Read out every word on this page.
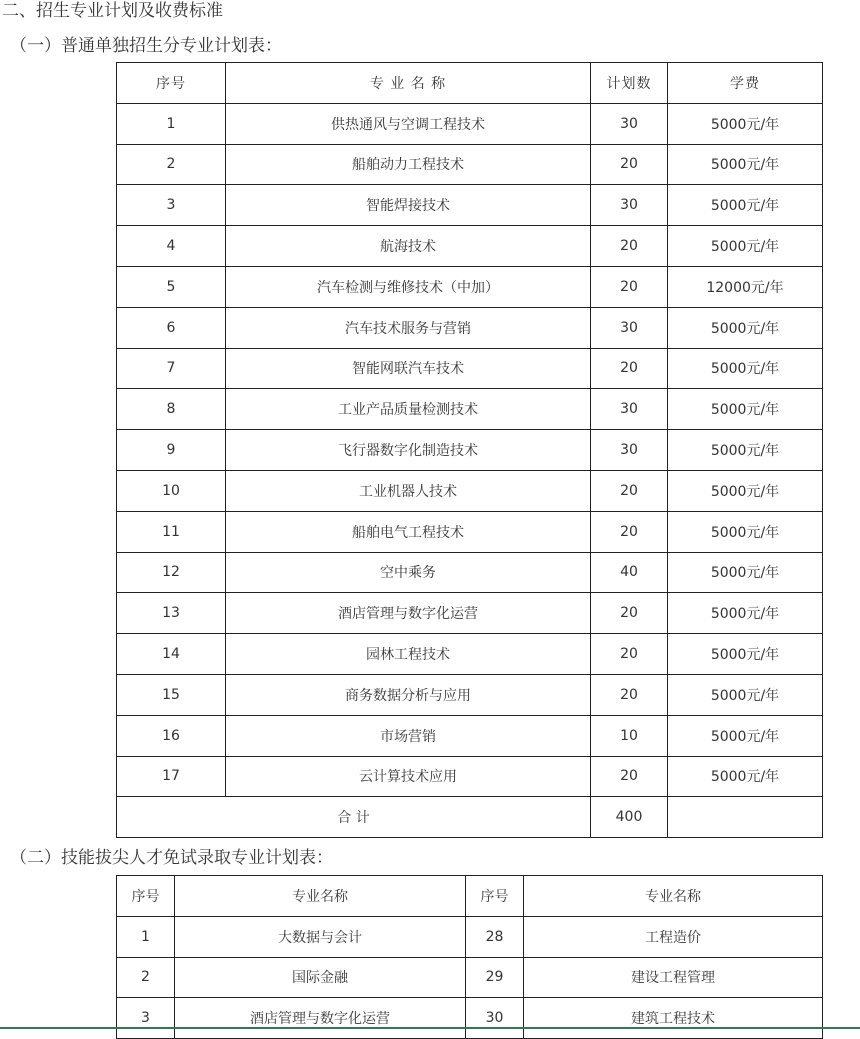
二、招生专业计划及收费标准
（一）普通单独招生分专业计划表：
序号	专 业 名 称	计划数	学费
1	供热通风与空调工程技术	30	5000元/年
2	船舶动力工程技术	20	5000元/年
3	智能焊接技术	30	5000元/年
4	航海技术	20	5000元/年
5	汽车检测与维修技术（中加）	20	12000元/年
6	汽车技术服务与营销	30	5000元/年
7	智能网联汽车技术	20	5000元/年
8	工业产品质量检测技术	30	5000元/年
9	飞行器数字化制造技术	30	5000元/年
10	工业机器人技术	20	5000元/年
11	船舶电气工程技术	20	5000元/年
12	空中乘务	40	5000元/年
13	酒店管理与数字化运营	20	5000元/年
14	园林工程技术	20	5000元/年
15	商务数据分析与应用	20	5000元/年
16	市场营销	10	5000元/年
17	云计算技术应用	20	5000元/年
合 计		400	
（二）技能拔尖人才免试录取专业计划表：
序号	专业名称	序号	专业名称
1	大数据与会计	28	工程造价
2	国际金融	29	建设工程管理
3	酒店管理与数字化运营	30	建筑工程技术
